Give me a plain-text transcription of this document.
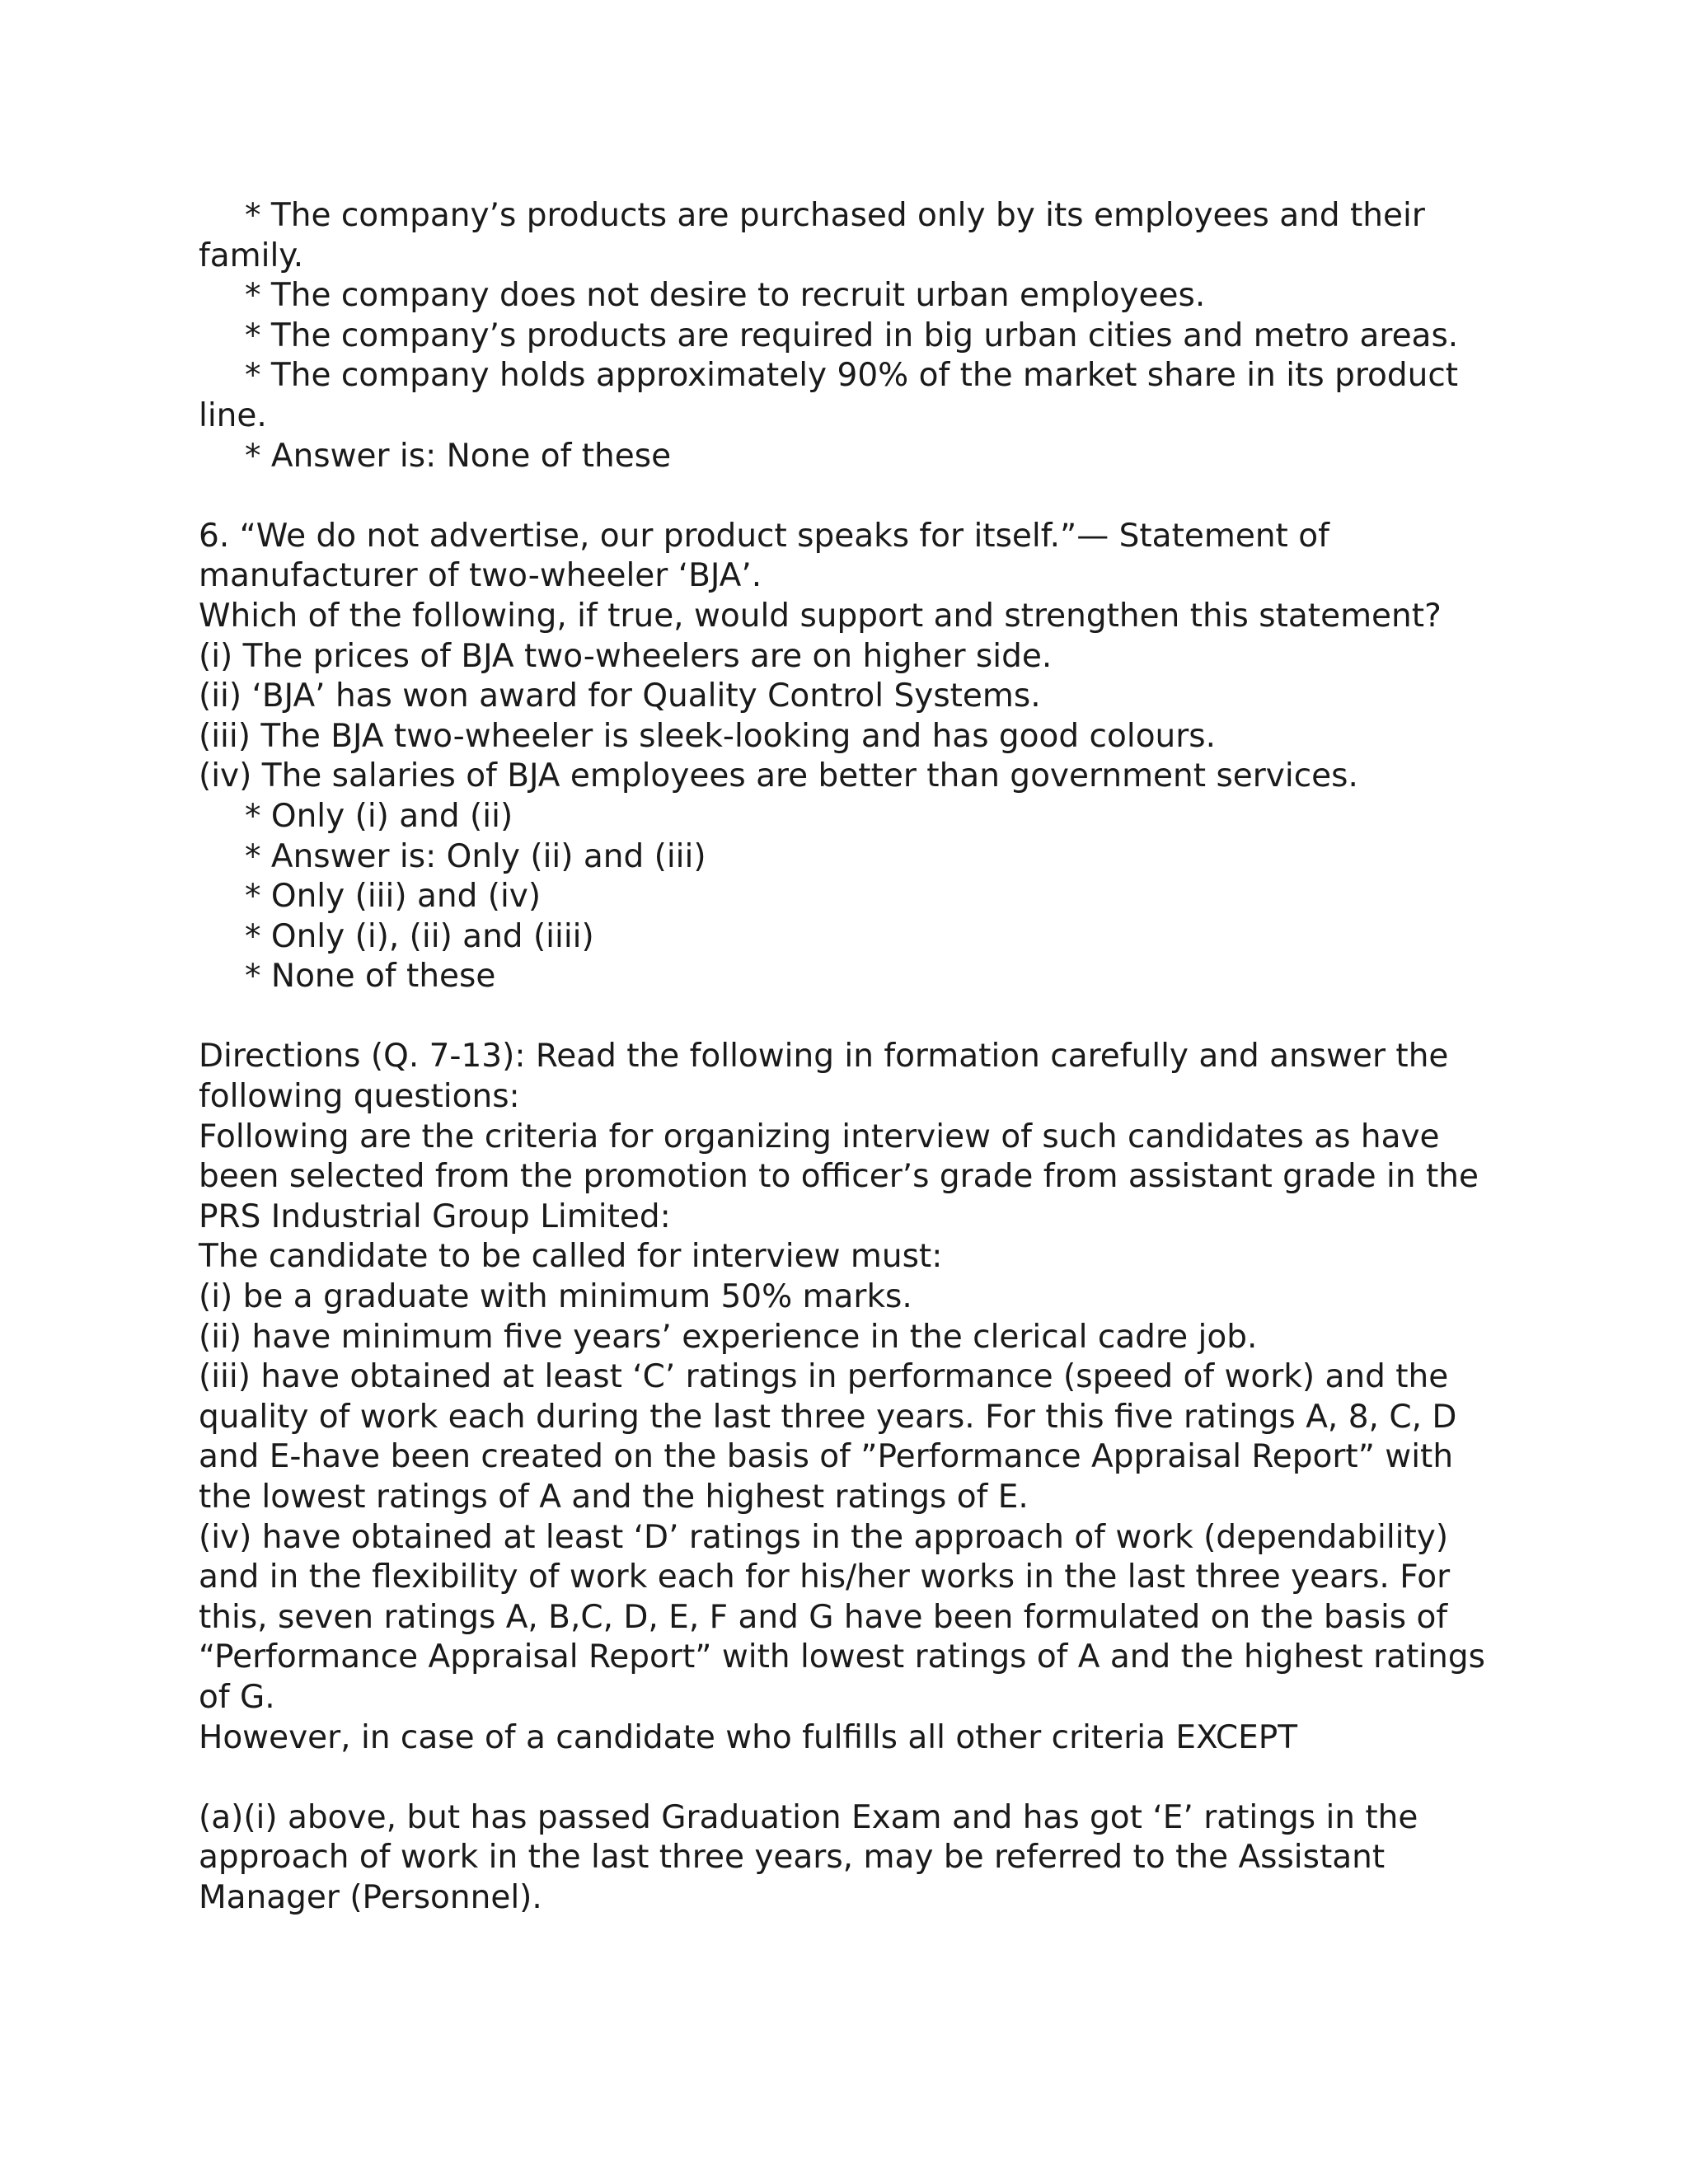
* The company’s products are purchased only by its employees and their family.
* The company does not desire to recruit urban employees.
* The company’s products are required in big urban cities and metro areas.
* The company holds approximately 90% of the market share in its product line.
* Answer is: None of these
6. “We do not advertise, our product speaks for itself.”— Statement of manufacturer of two-wheeler ‘BJA’.
Which of the following, if true, would support and strengthen this statement?
(i) The prices of BJA two-wheelers are on higher side.
(ii) ‘BJA’ has won award for Quality Control Systems.
(iii) The BJA two-wheeler is sleek-looking and has good colours.
(iv) The salaries of BJA employees are better than government services.
* Only (i) and (ii)
* Answer is: Only (ii) and (iii)
* Only (iii) and (iv)
* Only (i), (ii) and (iiii)
* None of these
Directions (Q. 7-13): Read the following in formation carefully and answer the following questions:
Following are the criteria for organizing interview of such candidates as have been selected from the promotion to officer’s grade from assistant grade in the PRS Industrial Group Limited:
The candidate to be called for interview must:
(i) be a graduate with minimum 50% marks.
(ii) have minimum five years’ experience in the clerical cadre job.
(iii) have obtained at least ‘C’ ratings in performance (speed of work) and the quality of work each during the last three years. For this five ratings A, 8, C, D and E-have been created on the basis of ”Performance Appraisal Report” with the lowest ratings of A and the highest ratings of E.
(iv) have obtained at least ‘D’ ratings in the approach of work (dependability) and in the flexibility of work each for his/her works in the last three years. For this, seven ratings A, B,C, D, E, F and G have been formulated on the basis of “Performance Appraisal Report” with lowest ratings of A and the highest ratings of G.
However, in case of a candidate who fulfills all other criteria EXCEPT
(a)(i) above, but has passed Graduation Exam and has got ‘E’ ratings in the approach of work in the last three years, may be referred to the Assistant Manager (Personnel).
